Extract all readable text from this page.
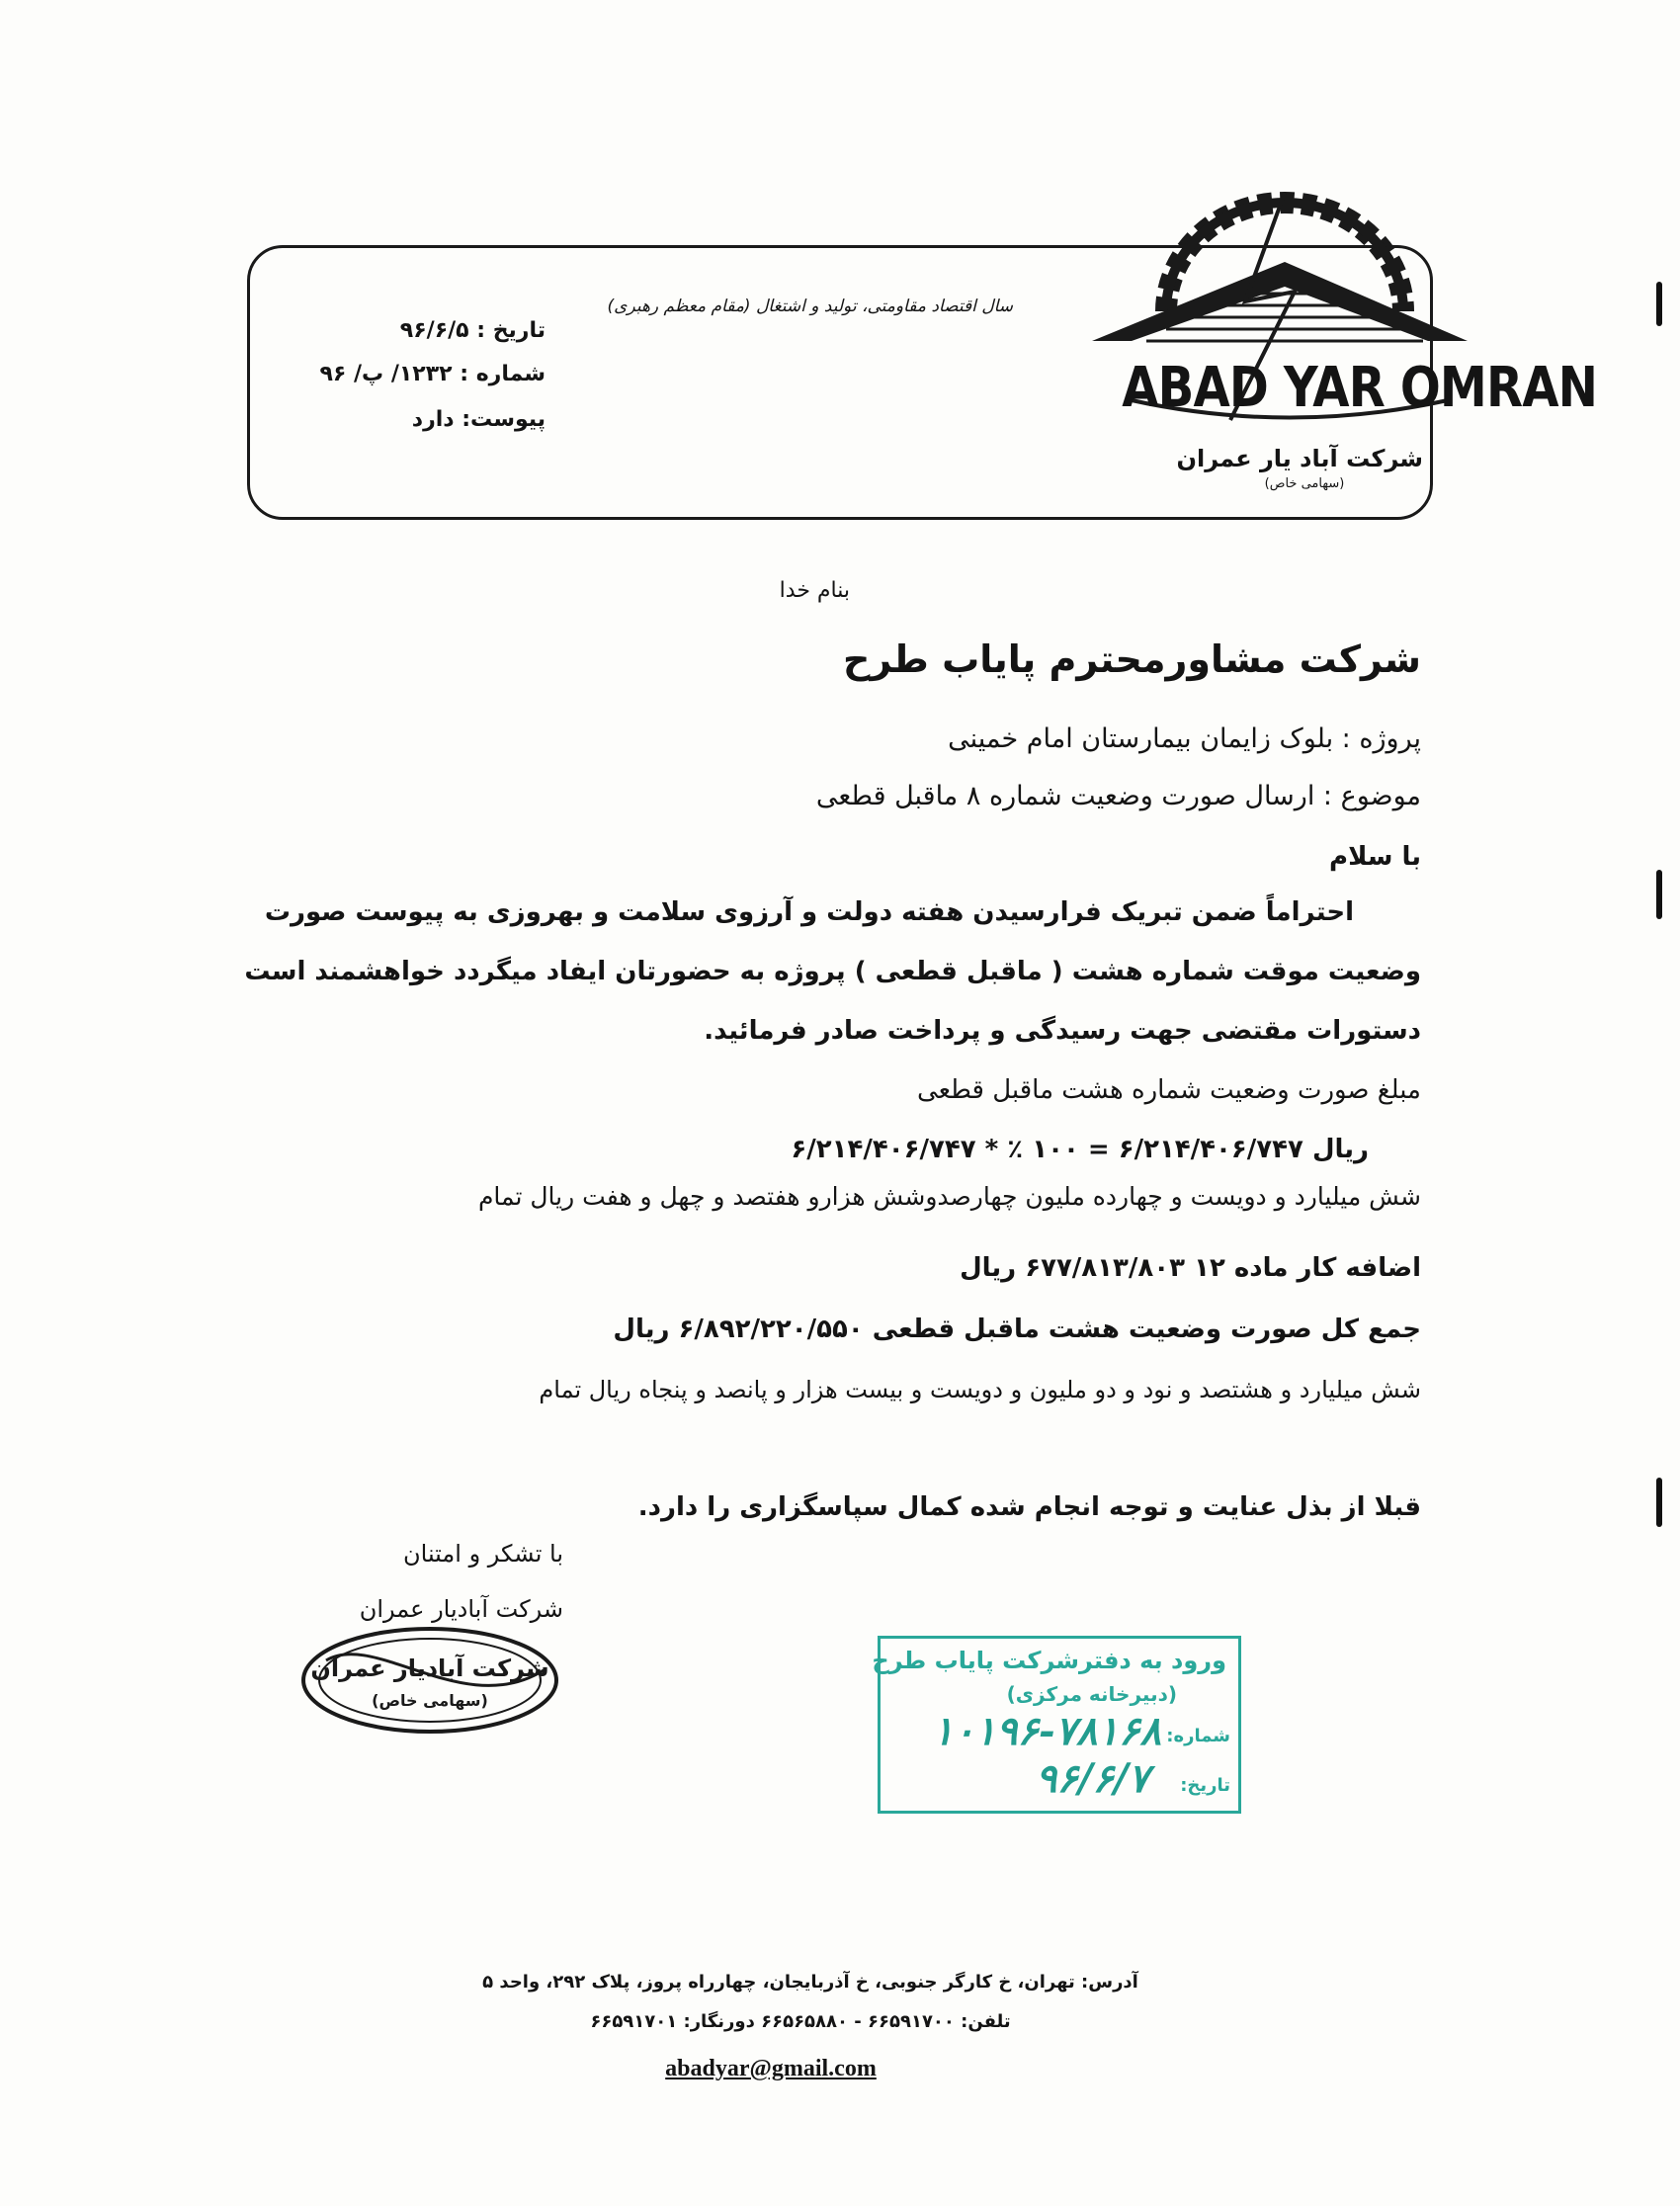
تاریخ : ۹۶/۶/۵
شماره : ۱۲۳۲/ پ/ ۹۶
پیوست: دارد
سال اقتصاد مقاومتی، تولید و اشتغال (مقام معظم رهبری)
ABAD YAR OMRAN
شرکت آباد یار عمران
(سهامی خاص)
بنام خدا
شرکت مشاورمحترم پایاب طرح
پروژه : بلوک زایمان بیمارستان امام خمینی
موضوع : ارسال صورت وضعیت شماره ۸ ماقبل قطعی
با سلام
احتراماً ضمن تبریک فرارسیدن هفته دولت و آرزوی سلامت و بهروزی به پیوست صورت
وضعیت موقت شماره هشت ( ماقبل قطعی ) پروژه به حضورتان ایفاد میگردد خواهشمند است
دستورات مقتضی جهت رسیدگی و پرداخت صادر فرمائید.
مبلغ صورت وضعیت شماره هشت ماقبل قطعی
ریال ۶/۲۱۴/۴۰۶/۷۴۷ = ۱۰۰ ٪ * ۶/۲۱۴/۴۰۶/۷۴۷
شش میلیارد و دویست و چهارده ملیون چهارصدوشش هزارو هفتصد و چهل و هفت ریال تمام
اضافه کار ماده ۱۲ ۶۷۷/۸۱۳/۸۰۳ ریال
جمع کل صورت وضعیت هشت ماقبل قطعی ۶/۸۹۲/۲۲۰/۵۵۰ ریال
شش میلیارد و هشتصد و نود و دو ملیون و دویست و بیست هزار و پانصد و پنجاه ریال تمام
قبلا از بذل عنایت و توجه انجام شده کمال سپاسگزاری را دارد.
با تشکر و امتنان
شرکت آبادیار عمران
شرکت آبادیار عمران
(سهامی خاص)
ورود به دفترشرکت پایاب طرح
(دبیرخانه مرکزی)
شماره:
۱۰۱۹۶-۷۸۱۶۸
تاریخ:
۹۶/۶/۷
آدرس: تهران، خ کارگر جنوبی، خ آذربایجان، چهارراه پروز، پلاک ۲۹۲، واحد ۵
تلفن: ۶۶۵۹۱۷۰۰ - ۶۶۵۶۵۸۸۰ دورنگار: ۶۶۵۹۱۷۰۱
abadyar@gmail.com
